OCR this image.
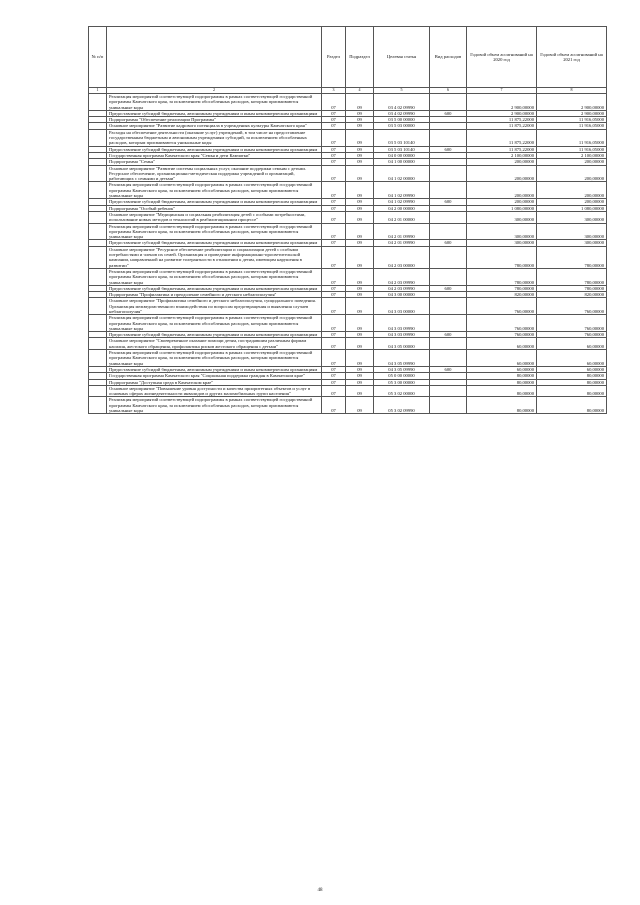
№ п/п		Раздел	Подраздел	Целевая статья	Вид расходов	Годовой объем ассигнований на 2020 год	Годовой объем ассигнований на 2021 год
1	2	3	4	5	6	7	8

	Реализация мероприятий соответствующей подпрограммы в рамках соответствующей государственной программы Камчатского края, за исключением обособленных расходов, которым присваиваются уникальные коды	07	09	03 4 02 09990		2 900,00000	2 900,00000

	Предоставление субсидий бюджетным, автономным учреждениям и иным некоммерческим организациям	07	09	03 4 02 09990	600	2 900,00000	2 900,00000

	Подпрограмма "Обеспечение реализации Программы"	07	09	03 5 00 00000		11 875,22000	11 916,05000

	Основное мероприятие "Развитие кадрового потенциала в учреждениях культуры Камчатского края"	07	09	03 5 03 00000		11 875,22000	11 916,05000

	Расходы на обеспечение деятельности (оказание услуг) учреждений, в том числе на предоставление государственным бюджетным и автономным учреждениям субсидий, за исключением обособленных расходов, которым присваиваются уникальные коды	07	09	03 5 03 10140		11 875,22000	11 916,05000

	Предоставление субсидий бюджетным, автономным учреждениям и иным некоммерческим организациям	07	09	03 5 03 10140	600	11 875,22000	11 916,05000

	Государственная программа Камчатского края "Семья и дети Камчатки"	07	09	04 0 00 00000		2 100,00000	2 100,00000

	Подпрограмма "Семья"	07	09	04 1 00 00000		200,00000	200,00000

	Основное мероприятие "Развитие системы социальных услуг, оказание поддержки семьям с детьми. Ресурсное обеспечение, организационно-методическая поддержка учреждений и организаций, работающих с семьями и детьми"	07	09	04 1 02 00000		200,00000	200,00000

	Реализация мероприятий соответствующей подпрограммы в рамках соответствующей государственной программы Камчатского края, за исключением обособленных расходов, которым присваиваются уникальные коды	07	09	04 1 02 09990		200,00000	200,00000

	Предоставление субсидий бюджетным, автономным учреждениям и иным некоммерческим организациям	07	09	04 1 02 09990	600	200,00000	200,00000

	Подпрограмма "Особый ребенок"	07	09	04 2 00 00000		1 080,00000	1 080,00000

	Основное мероприятие "Медицинская и социальная реабилитация детей с особыми потребностями, использование новых методов и технологий в реабилитационном процессе"	07	09	04 2 01 00000		300,00000	300,00000

	Реализация мероприятий соответствующей подпрограммы в рамках соответствующей государственной программы Камчатского края, за исключением обособленных расходов, которым присваиваются уникальные коды	07	09	04 2 01 09990		300,00000	300,00000

	Предоставление субсидий бюджетным, автономным учреждениям и иным некоммерческим организациям	07	09	04 2 01 09990	600	300,00000	300,00000

	Основное мероприятие "Ресурсное обеспечение реабилитации и социализации детей с особыми потребностями и членов их семей. Организация и проведение информационно-просветительской кампании, направленной на развитие толерантности в отношении к детям, имеющим нарушения в развитии"	07	09	04 2 03 00000		780,00000	780,00000

	Реализация мероприятий соответствующей подпрограммы в рамках соответствующей государственной программы Камчатского края, за исключением обособленных расходов, которым присваиваются уникальные коды	07	09	04 2 03 09990		780,00000	780,00000

	Предоставление субсидий бюджетным, автономным учреждениям и иным некоммерческим организациям	07	09	04 2 03 09990	600	780,00000	780,00000

	Подпрограмма "Профилактика и преодоление семейного и детского неблагополучия"	07	09	04 3 00 00000		820,00000	820,00000

	Основное мероприятие "Профилактика семейного и детского неблагополучия, суицидального поведения. Организация межведомственного взаимодействия по вопросам предотвращения и выявления случаев неблагополучия"	07	09	04 3 03 00000		760,00000	760,00000

	Реализация мероприятий соответствующей подпрограммы в рамках соответствующей государственной программы Камчатского края, за исключением обособленных расходов, которым присваиваются уникальные коды	07	09	04 3 03 09990		760,00000	760,00000

	Предоставление субсидий бюджетным, автономным учреждениям и иным некоммерческим организациям	07	09	04 3 03 09990	600	760,00000	760,00000

	Основное мероприятие "Своевременное оказание помощи детям, пострадавшим различным формам насилия, жестокого обращения, профилактика рисков жестокого обращения с детьми"	07	09	04 3 05 00000		60,00000	60,00000

	Реализация мероприятий соответствующей подпрограммы в рамках соответствующей государственной программы Камчатского края, за исключением обособленных расходов, которым присваиваются уникальные коды	07	09	04 3 05 09990		60,00000	60,00000

	Предоставление субсидий бюджетным, автономным учреждениям и иным некоммерческим организациям	07	09	04 3 05 09990	600	60,00000	60,00000

	Государственная программа Камчатского края "Социальная поддержка граждан в Камчатском крае"	07	09	05 0 00 00000		80,00000	80,00000

	Подпрограмма "Доступная среда в Камчатском крае"	07	09	05 3 00 00000		80,00000	80,00000

	Основное мероприятие "Повышение уровня доступности и качества приоритетных объектов и услуг в основных сферах жизнедеятельности инвалидов и других маломобильных групп населения"	07	09	05 3 02 00000		80,00000	80,00000

	Реализация мероприятий соответствующей подпрограммы в рамках соответствующей государственной программы Камчатского края, за исключением обособленных расходов, которым присваиваются уникальные коды	07	09	05 3 02 09990		80,00000	80,00000
48
